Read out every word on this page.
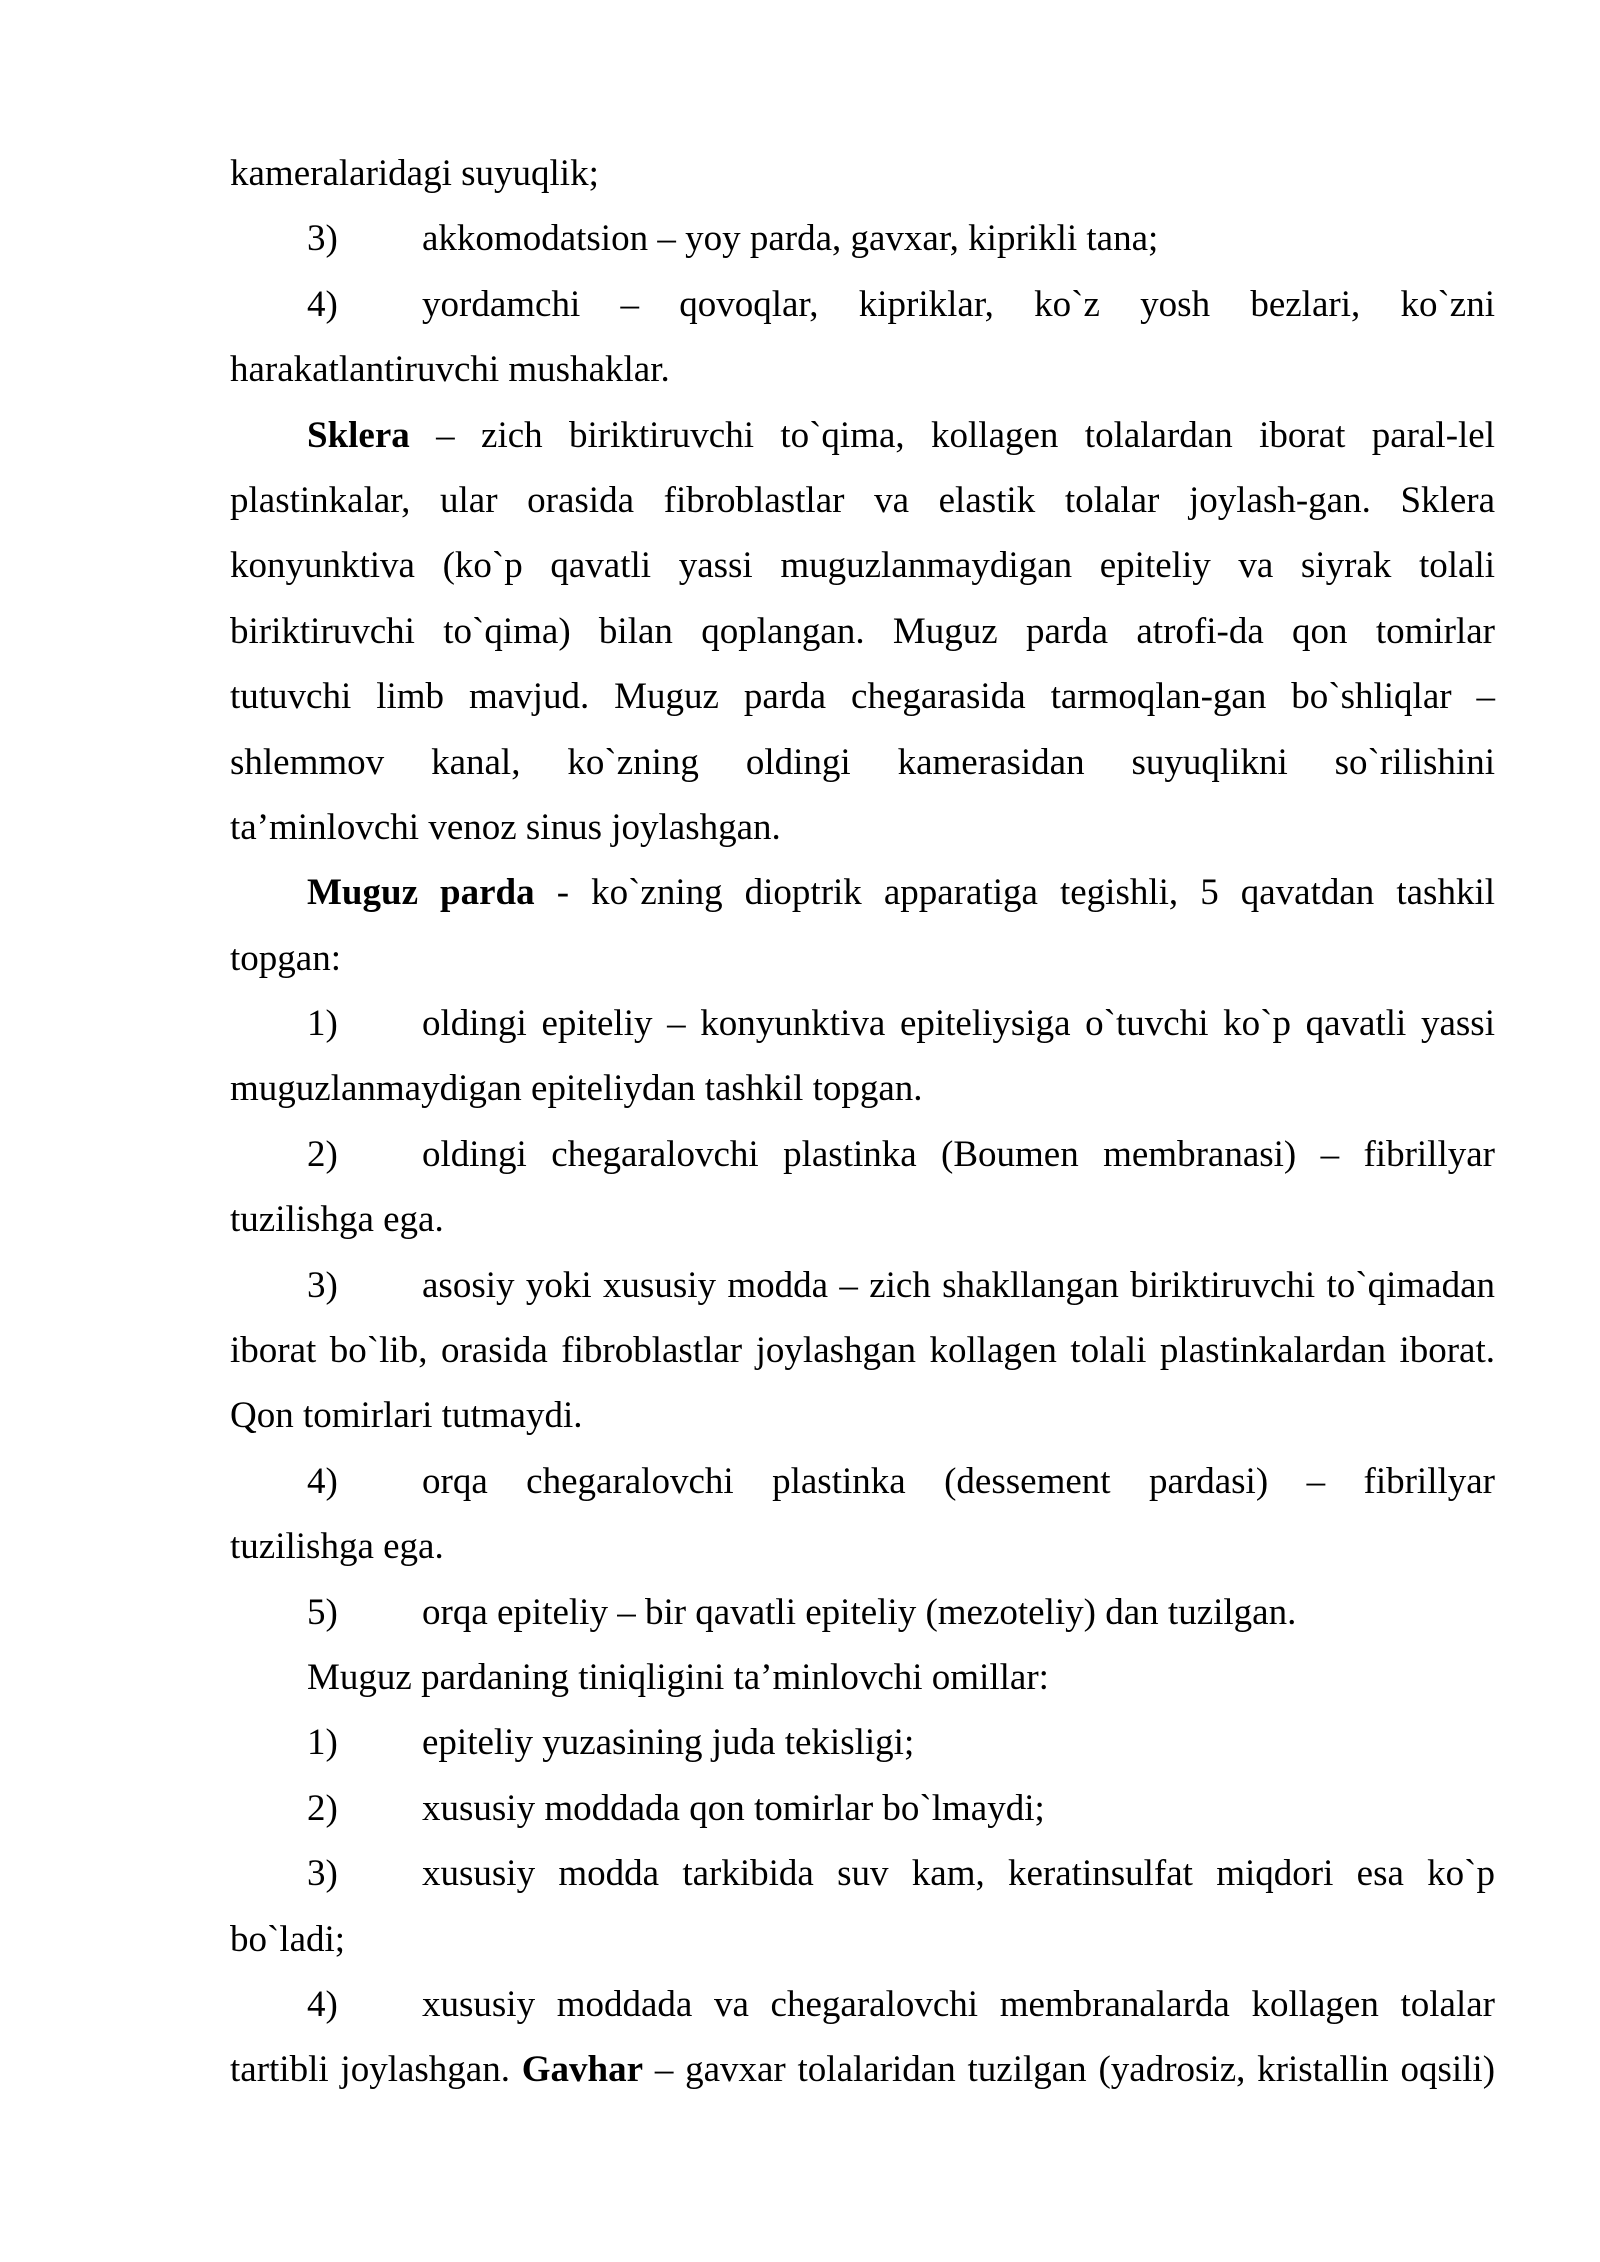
kameralaridagi suyuqlik;
3)	akkomodatsion – yoy parda, gavxar, kiprikli tana;
4)	yordamchi – qovoqlar, kipriklar, ko`z yosh bezlari, ko`zni
harakatlantiruvchi mushaklar.
Sklera – zich biriktiruvchi to`qima, kollagen tolalardan iborat paral-lel
plastinkalar, ular orasida fibroblastlar va elastik tolalar joylash-gan. Sklera
konyunktiva (ko`p qavatli yassi muguzlanmaydigan epiteliy va siyrak tolali
biriktiruvchi to`qima) bilan qoplangan. Muguz parda atrofi-da qon tomirlar
tutuvchi limb mavjud. Muguz parda chegarasida tarmoqlan-gan bo`shliqlar –
shlemmov kanal, ko`zning oldingi kamerasidan suyuqlikni so`rilishini
ta’minlovchi venoz sinus joylashgan.
Muguz parda - ko`zning dioptrik apparatiga tegishli, 5 qavatdan tashkil
topgan:
1)	oldingi epiteliy – konyunktiva epiteliysiga o`tuvchi ko`p qavatli yassi
muguzlanmaydigan epiteliydan tashkil topgan.
2)	oldingi chegaralovchi plastinka (Boumen membranasi) – fibrillyar
tuzilishga ega.
3)	asosiy yoki xususiy modda – zich shakllangan biriktiruvchi to`qimadan
iborat bo`lib, orasida fibroblastlar joylashgan kollagen tolali plastinkalardan iborat.
Qon tomirlari tutmaydi.
4)	orqa chegaralovchi plastinka (dessement pardasi) – fibrillyar
tuzilishga ega.
5)	orqa epiteliy – bir qavatli epiteliy (mezoteliy) dan tuzilgan.
Muguz pardaning tiniqligini ta’minlovchi omillar:
1)	epiteliy yuzasining juda tekisligi;
2)	xususiy moddada qon tomirlar bo`lmaydi;
3)	xususiy modda tarkibida suv kam, keratinsulfat miqdori esa ko`p
bo`ladi;
4)	xususiy moddada va chegaralovchi membranalarda kollagen tolalar
tartibli joylashgan. Gavhar – gavxar tolalaridan tuzilgan (yadrosiz, kristallin oqsili)
